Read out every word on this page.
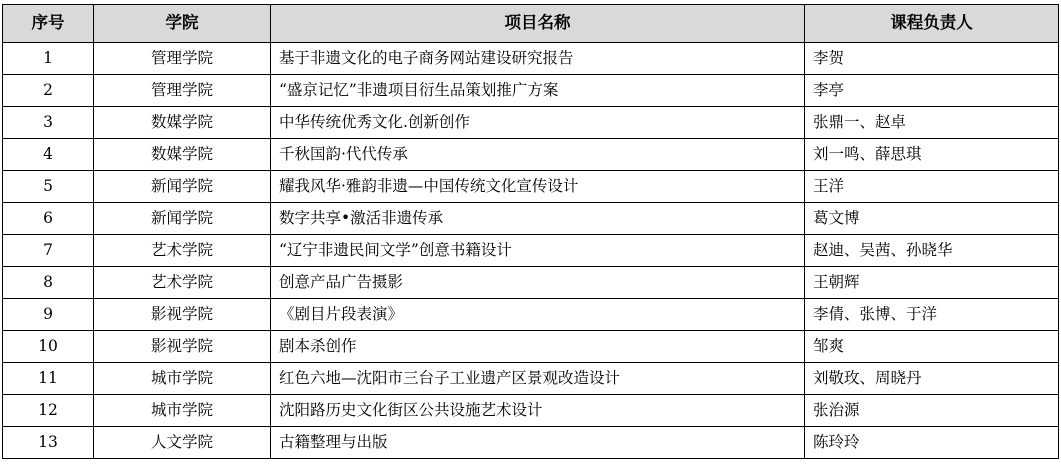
序号	学院	项目名称	课程负责人
1	管理学院	基于非遗文化的电子商务网站建设研究报告	李贺
2	管理学院	“盛京记忆”非遗项目衍生品策划推广方案	李亭
3	数媒学院	中华传统优秀文化.创新创作	张鼎一、赵卓
4	数媒学院	千秋国韵·代代传承	刘一鸣、薛思琪
5	新闻学院	耀我风华·雅韵非遗—中国传统文化宣传设计	王洋
6	新闻学院	数字共享•激活非遗传承	葛文博
7	艺术学院	“辽宁非遗民间文学”创意书籍设计	赵迪、吴茜、孙晓华
8	艺术学院	创意产品广告摄影	王朝辉
9	影视学院	《剧目片段表演》	李倩、张博、于洋
10	影视学院	剧本杀创作	邹爽
11	城市学院	红色六地—沈阳市三台子工业遗产区景观改造设计	刘敬玫、周晓丹
12	城市学院	沈阳路历史文化街区公共设施艺术设计	张治源
13	人文学院	古籍整理与出版	陈玲玲
